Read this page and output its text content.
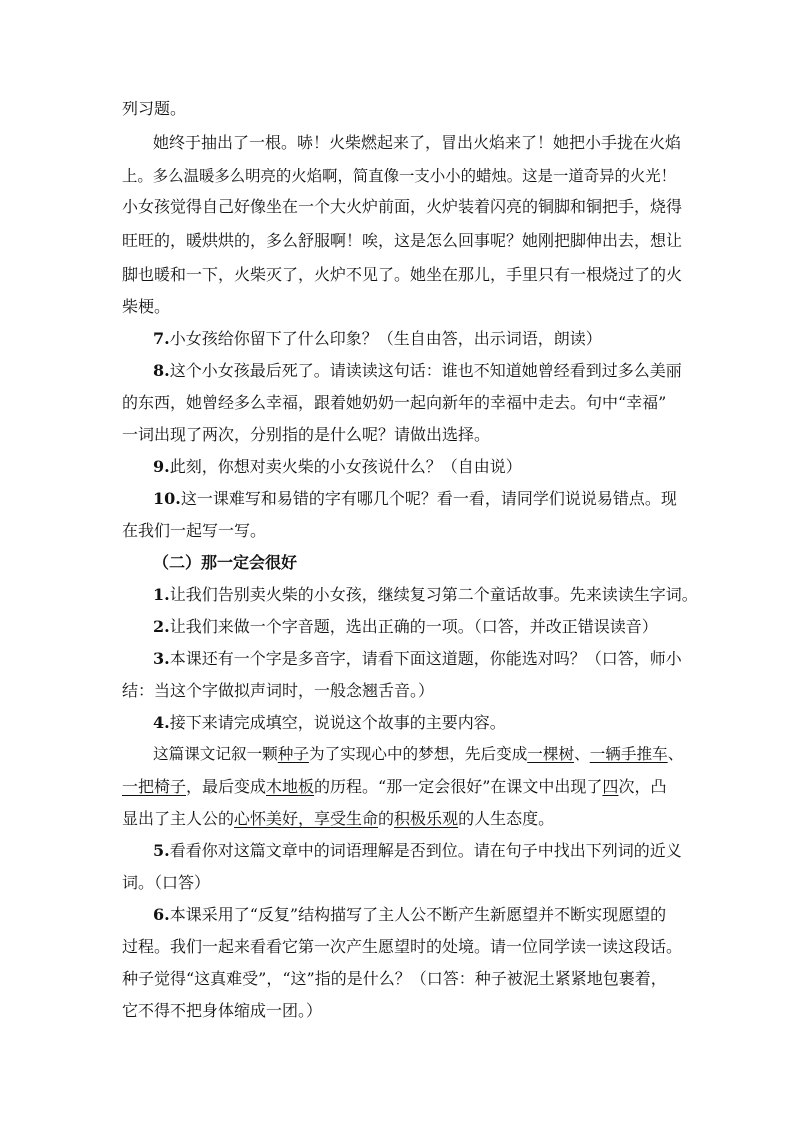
列习题。
她终于抽出了一根。哧！火柴燃起来了，冒出火焰来了！她把小手拢在火焰
上。多么温暖多么明亮的火焰啊，简直像一支小小的蜡烛。这是一道奇异的火光！
小女孩觉得自己好像坐在一个大火炉前面，火炉装着闪亮的铜脚和铜把手，烧得
旺旺的，暖烘烘的，多么舒服啊！唉，这是怎么回事呢？她刚把脚伸出去，想让
脚也暖和一下，火柴灭了，火炉不见了。她坐在那儿，手里只有一根烧过了的火
柴梗。
7.小女孩给你留下了什么印象？（生自由答，出示词语，朗读）
8.这个小女孩最后死了。请读读这句话：谁也不知道她曾经看到过多么美丽
的东西，她曾经多么幸福，跟着她奶奶一起向新年的幸福中走去。句中“幸福”
一词出现了两次，分别指的是什么呢？请做出选择。
9.此刻，你想对卖火柴的小女孩说什么？（自由说）
10.这一课难写和易错的字有哪几个呢？看一看，请同学们说说易错点。现
在我们一起写一写。
（二）那一定会很好
1.让我们告别卖火柴的小女孩，继续复习第二个童话故事。先来读读生字词。
2.让我们来做一个字音题，选出正确的一项。（口答，并改正错误读音）
3.本课还有一个字是多音字，请看下面这道题，你能选对吗？（口答，师小
结：当这个字做拟声词时，一般念翘舌音。）
4.接下来请完成填空，说说这个故事的主要内容。
这篇课文记叙一颗种子为了实现心中的梦想，先后变成一棵树、一辆手推车、
一把椅子，最后变成木地板的历程。“那一定会很好”在课文中出现了四次，凸
显出了主人公的心怀美好，享受生命的积极乐观的人生态度。
5.看看你对这篇文章中的词语理解是否到位。请在句子中找出下列词的近义
词。（口答）
6.本课采用了“反复”结构描写了主人公不断产生新愿望并不断实现愿望的
过程。我们一起来看看它第一次产生愿望时的处境。请一位同学读一读这段话。
种子觉得“这真难受”，“这”指的是什么？（口答：种子被泥土紧紧地包裹着，
它不得不把身体缩成一团。）
